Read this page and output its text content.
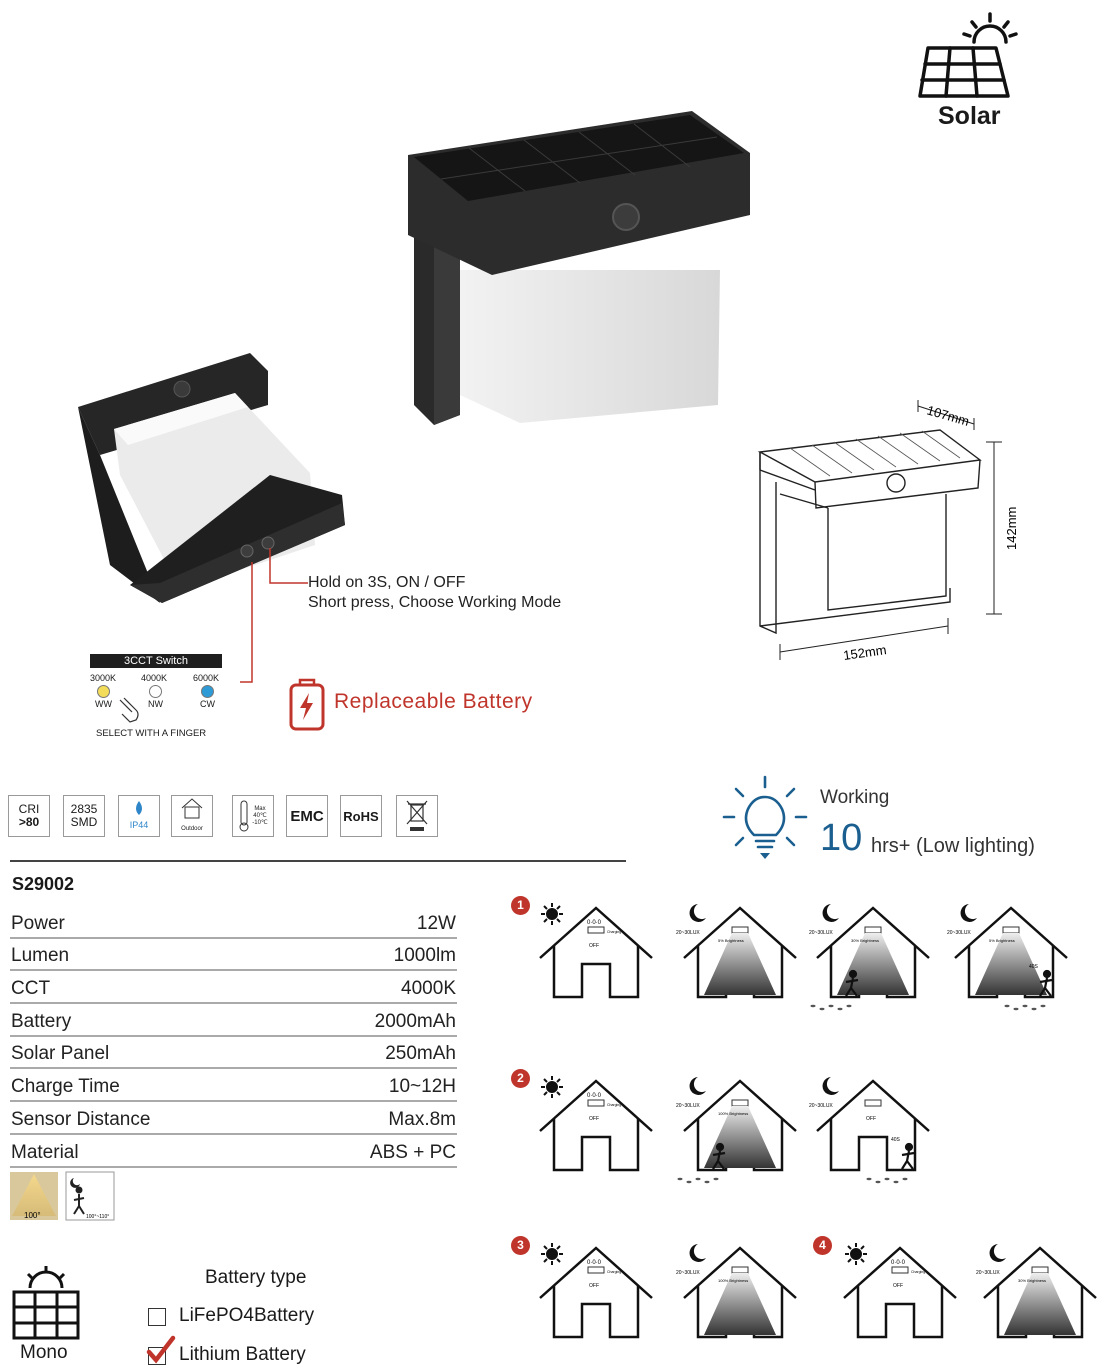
Solar
Hold on 3S, ON / OFF
Short press, Choose Working Mode
3CCT Switch
3000K	4000K	6000K
WW	NW	CW
SELECT WITH A FINGER
Replaceable Battery
107mm
142mm
152mm
CRI
>80
2835
SMD	IP44	Outdoor
Max
40℃
-10℃ EMC	RoHS
Working
10 hrs+ (Low lighting)
S29002
Power	12W
Lumen	1000lm
CCT	4000K
Battery	2000mAh
Solar Panel	250mAh
Charge Time	10~12H
Sensor Distance	Max.8m
Material	ABS + PC
100°	100°~110°
Mono
Battery type
LiFePO4Battery
Lithium Battery
1
2
3	4
0·0·0
Charging
OFF
20~30LUX
5% Brightness
20~30LUX
30% Brightness
20~30LUX
5% Brightness
40S
0·0·0
Charging
OFF
20~30LUX
100% Brightness
20~30LUX
OFF
40S
0·0·0
Charging
OFF
20~30LUX
100% Brightness
0·0·0
Charging
OFF
20~30LUX
30% Brightness
